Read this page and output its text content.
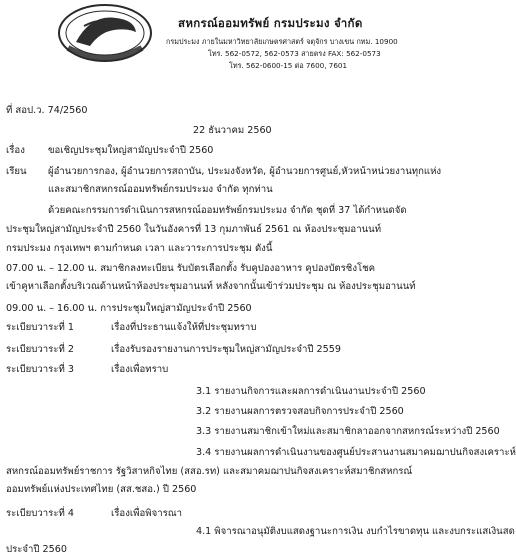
สหกรณ์ออมทรัพย์ กรมประมง จำกัด
กรมประมง ภายในมหาวิทยาลัยเกษตรศาสตร์ จตุจักร บางเขน กทม. 10900
โทร. 562-0572, 562-0573 สายตรง FAX: 562-0573
โทร. 562-0600-15 ต่อ 7600, 7601
ที่ สอป.ว. 74/2560
22 ธันวาคม 2560
เรื่อง ขอเชิญประชุมใหญ่สามัญประจำปี 2560
เรียน ผู้อำนวยการกอง, ผู้อำนวยการสถาบัน, ประมงจังหวัด, ผู้อำนวยการศูนย์,หัวหน้าหน่วยงานทุกแห่ง
และสมาชิกสหกรณ์ออมทรัพย์กรมประมง จำกัด ทุกท่าน
ด้วยคณะกรรมการดำเนินการสหกรณ์ออมทรัพย์กรมประมง จำกัด ชุดที่ 37 ได้กำหนดจัด
ประชุมใหญ่สามัญประจำปี 2560 ในวันอังคารที่ 13 กุมภาพันธ์ 2561 ณ ห้องประชุมอานนท์
กรมประมง กรุงเทพฯ ตามกำหนด เวลา และวาระการประชุม ดังนี้
07.00 น. – 12.00 น. สมาชิกลงทะเบียน รับบัตรเลือกตั้ง รับคูปองอาหาร คูปองบัตรชิงโชค
เข้าคูหาเลือกตั้งบริเวณด้านหน้าห้องประชุมอานนท์ หลังจากนั้นเข้าร่วมประชุม ณ ห้องประชุมอานนท์
09.00 น. – 16.00 น. การประชุมใหญ่สามัญประจำปี 2560
ระเบียบวาระที่ 1	เรื่องที่ประธานแจ้งให้ที่ประชุมทราบ
ระเบียบวาระที่ 2	เรื่องรับรองรายงานการประชุมใหญ่สามัญประจำปี 2559
ระเบียบวาระที่ 3	เรื่องเพื่อทราบ
3.1 รายงานกิจการและผลการดำเนินงานประจำปี 2560
3.2 รายงานผลการตรวจสอบกิจการประจำปี 2560
3.3 รายงานสมาชิกเข้าใหม่และสมาชิกลาออกจากสหกรณ์ระหว่างปี 2560
3.4 รายงานผลการดำเนินงานของศูนย์ประสานงานสมาคมฌาปนกิจสงเคราะห์
สหกรณ์ออมทรัพย์ราชการ รัฐวิสาหกิจไทย (สสอ.รท) และสมาคมฌาปนกิจสงเคราะห์สมาชิกสหกรณ์
ออมทรัพย์แห่งประเทศไทย (สส.ชสอ.) ปี 2560
ระเบียบวาระที่ 4	เรื่องเพื่อพิจารณา
4.1 พิจารณาอนุมัติงบแสดงฐานะการเงิน งบกำไรขาดทุน และงบกระแสเงินสด
ประจำปี 2560
